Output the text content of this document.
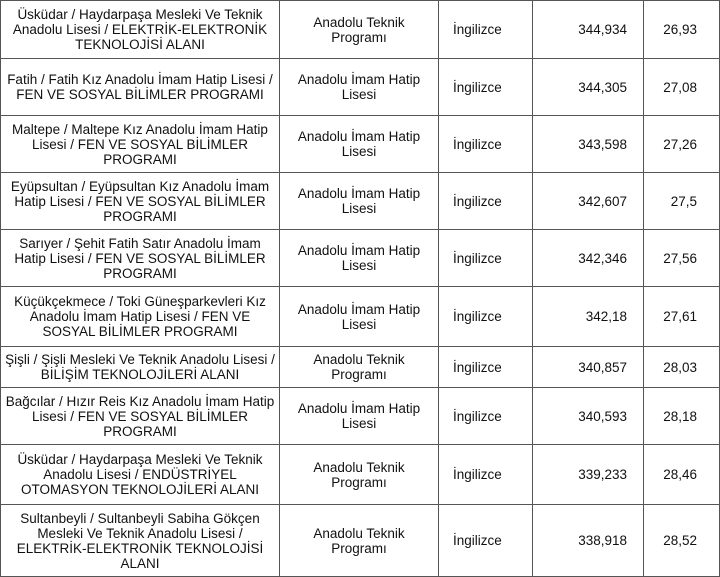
Üsküdar / Haydarpaşa Mesleki Ve Teknik Anadolu Lisesi / ELEKTRİK-ELEKTRONİK TEKNOLOJİSİ ALANI	Anadolu Teknik Programı	İngilizce	344,934	26,93
Fatih / Fatih Kız Anadolu İmam Hatip Lisesi / FEN VE SOSYAL BİLİMLER PROGRAMI	Anadolu İmam Hatip Lisesi	İngilizce	344,305	27,08
Maltepe / Maltepe Kız Anadolu İmam Hatip Lisesi / FEN VE SOSYAL BİLİMLER PROGRAMI	Anadolu İmam Hatip Lisesi	İngilizce	343,598	27,26
Eyüpsultan / Eyüpsultan Kız Anadolu İmam Hatip Lisesi / FEN VE SOSYAL BİLİMLER PROGRAMI	Anadolu İmam Hatip Lisesi	İngilizce	342,607	27,5
Sarıyer / Şehit Fatih Satır Anadolu İmam Hatip Lisesi / FEN VE SOSYAL BİLİMLER PROGRAMI	Anadolu İmam Hatip Lisesi	İngilizce	342,346	27,56
Küçükçekmece / Toki Güneşparkevleri Kız Anadolu İmam Hatip Lisesi / FEN VE SOSYAL BİLİMLER PROGRAMI	Anadolu İmam Hatip Lisesi	İngilizce	342,18	27,61
Şişli / Şişli Mesleki Ve Teknik Anadolu Lisesi / BİLİŞİM TEKNOLOJİLERİ ALANI	Anadolu Teknik Programı	İngilizce	340,857	28,03
Bağcılar / Hızır Reis Kız Anadolu İmam Hatip Lisesi / FEN VE SOSYAL BİLİMLER PROGRAMI	Anadolu İmam Hatip Lisesi	İngilizce	340,593	28,18
Üsküdar / Haydarpaşa Mesleki Ve Teknik Anadolu Lisesi / ENDÜSTRİYEL OTOMASYON TEKNOLOJİLERİ ALANI	Anadolu Teknik Programı	İngilizce	339,233	28,46
Sultanbeyli / Sultanbeyli Sabiha Gökçen Mesleki Ve Teknik Anadolu Lisesi / ELEKTRİK-ELEKTRONİK TEKNOLOJİSİ ALANI	Anadolu Teknik Programı	İngilizce	338,918	28,52
